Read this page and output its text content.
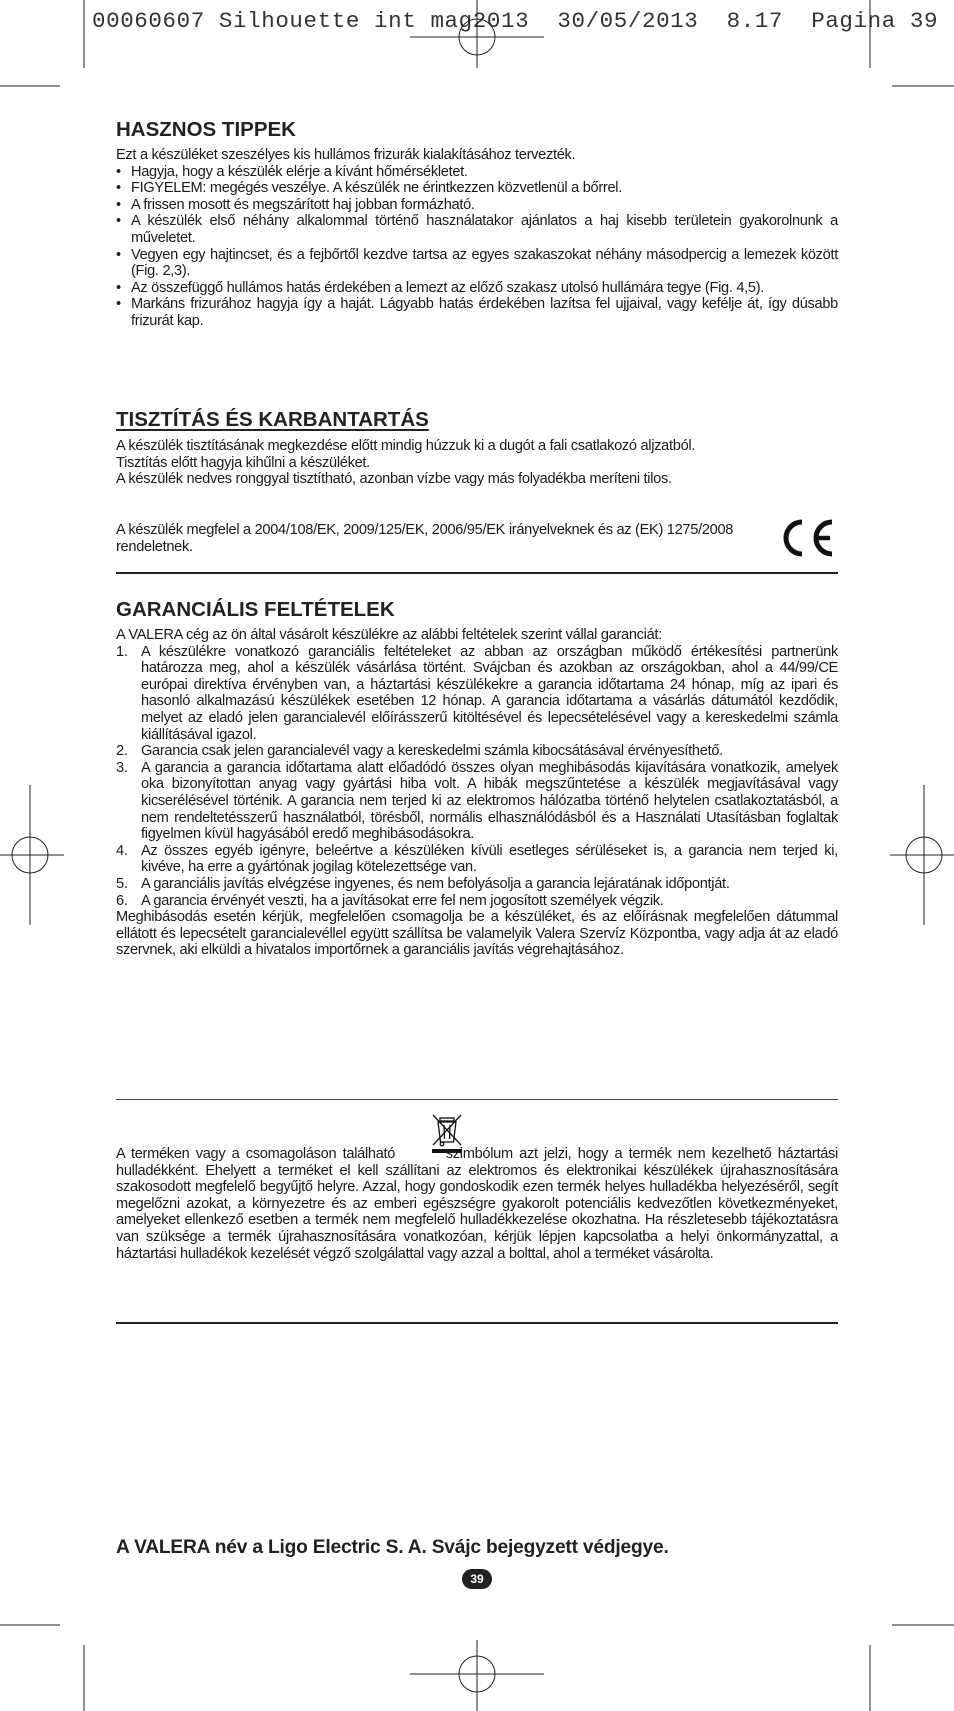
00060607 Silhouette int mag2013  30/05/2013  8.17  Pagina 39
HASZNOS TIPPEK
Ezt a készüléket szeszélyes kis hullámos frizurák kialakításához tervezték.
• Hagyja, hogy a készülék elérje a kívánt hőmérsékletet.
• FIGYELEM: megégés veszélye. A készülék ne érintkezzen közvetlenül a bőrrel.
• A frissen mosott és megszárított haj jobban formázható.
• A készülék első néhány alkalommal történő használatakor ajánlatos a haj kisebb területein gyakorolnunk a műveletet.
• Vegyen egy hajtincset, és a fejbőrtől kezdve tartsa az egyes szakaszokat néhány másodpercig a lemezek között (Fig. 2,3).
• Az összefüggő hullámos hatás érdekében a lemezt az előző szakasz utolsó hullámára tegye (Fig. 4,5).
• Markáns frizurához hagyja így a haját. Lágyabb hatás érdekében lazítsa fel ujjaival, vagy kefélje át, így dúsabb frizurát kap.
TISZTÍTÁS ÉS KARBANTARTÁS
A készülék tisztításának megkezdése előtt mindig húzzuk ki a dugót a fali csatlakozó aljzatból.
Tisztítás előtt hagyja kihűlni a készüléket.
A készülék nedves ronggyal tisztítható, azonban vízbe vagy más folyadékba meríteni tilos.
A készülék megfelel a 2004/108/EK, 2009/125/EK, 2006/95/EK irányelveknek és az (EK) 1275/2008 rendeletnek.
GARANCIÁLIS FELTÉTELEK
A VALERA cég az ön által vásárolt készülékre az alábbi feltételek szerint vállal garanciát:
1. A készülékre vonatkozó garanciális feltételeket az abban az országban működő értékesítési partnerünk határozza meg, ahol a készülék vásárlása történt. Svájcban és azokban az országokban, ahol a 44/99/CE európai direktíva érvényben van, a háztartási készülékekre a garancia időtartama 24 hónap, míg az ipari és hasonló alkalmazású készülékek esetében 12 hónap. A garancia időtartama a vásárlás dátumától kezdődik, melyet az eladó jelen garancialevél előírásszerű kitöltésével és lepecsételésével vagy a kereskedelmi számla kiállításával igazol.
2. Garancia csak jelen garancialevél vagy a kereskedelmi számla kibocsátásával érvényesíthető.
3. A garancia a garancia időtartama alatt előadódó összes olyan meghibásodás kijavítására vonatkozik, amelyek oka bizonyítottan anyag vagy gyártási hiba volt. A hibák megszűntetése a készülék megjavításával vagy kicserélésével történik. A garancia nem terjed ki az elektromos hálózatba történő helytelen csatlakoztatásból, a nem rendeltetésszerű használatból, törésből, normális elhasználódásból és a Használati Utasításban foglaltak figyelmen kívül hagyásából eredő meghibásodásokra.
4. Az összes egyéb igényre, beleértve a készüléken kívüli esetleges sérüléseket is, a garancia nem terjed ki, kivéve, ha erre a gyártónak jogilag kötelezettsége van.
5. A garanciális javítás elvégzése ingyenes, és nem befolyásolja a garancia lejáratának időpontját.
6. A garancia érvényét veszti, ha a javításokat erre fel nem jogosított személyek végzik.
Meghibásodás esetén kérjük, megfelelően csomagolja be a készüléket, és az előírásnak megfelelően dátummal ellátott és lepecsételt garancialevéllel együtt szállítsa be valamelyik Valera Szervíz Központba, vagy adja át az eladó szervnek, aki elküldi a hivatalos importőrnek a garanciális javítás végrehajtásához.
A terméken vagy a csomagoláson található	szimbólum azt jelzi, hogy a termék nem kezelhető háztartási hulladékként. Ehelyett a terméket el kell szállítani az elektromos és elektronikai készülékek újrahasznosítására szakosodott megfelelő begyűjtő helyre. Azzal, hogy gondoskodik ezen termék helyes hulladékba helyezéséről, segít megelőzni azokat, a környezetre és az emberi egészségre gyakorolt potenciális kedvezőtlen következményeket, amelyeket ellenkező esetben a termék nem megfelelő hulladékkezelése okozhatna. Ha részletesebb tájékoztatásra van szüksége a termék újrahasznosítására vonatkozóan, kérjük lépjen kapcsolatba a helyi önkormányzattal, a háztartási hulladékok kezelését végző szolgálattal vagy azzal a bolttal, ahol a terméket vásárolta.
A VALERA név a Ligo Electric S. A. Svájc bejegyzett védjegye.
39
